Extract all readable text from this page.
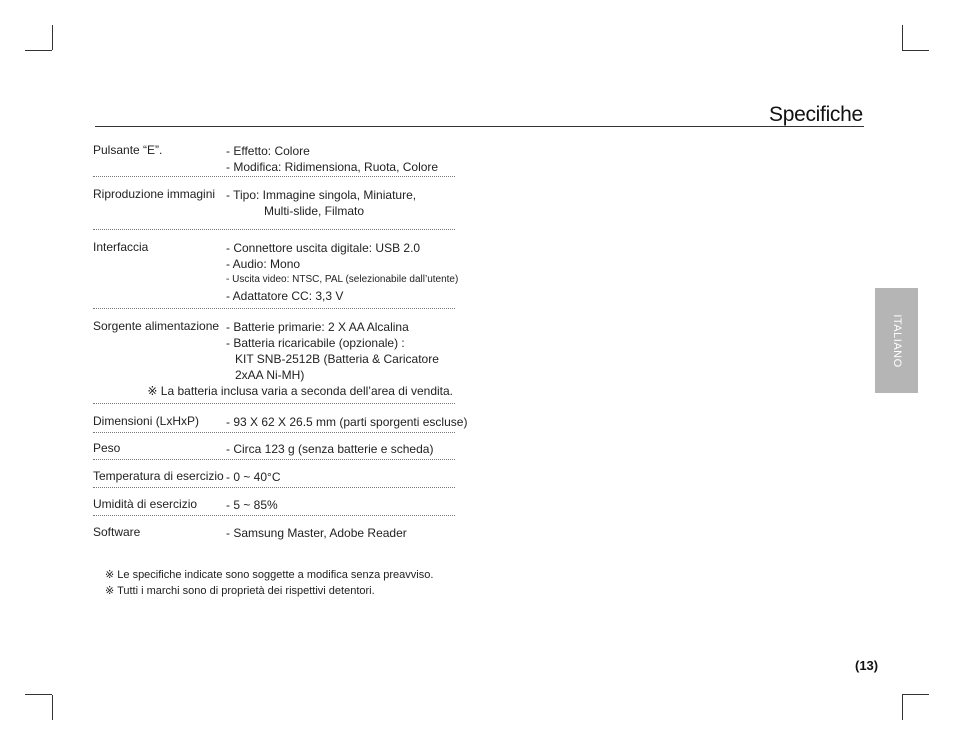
Specifiche
ITALIANO
Pulsante “E”.	- Effetto: Colore
- Modifica: Ridimensiona, Ruota, Colore
Riproduzione immagini - Tipo: Immagine singola, Miniature,
Multi-slide, Filmato
Interfaccia	- Connettore uscita digitale: USB 2.0
- Audio: Mono
- Uscita video: NTSC, PAL (selezionabile dall’utente)
- Adattatore CC: 3,3 V
Sorgente alimentazione - Batterie primarie: 2 X AA Alcalina
- Batteria ricaricabile (opzionale) :
KIT SNB-2512B (Batteria & Caricatore
2xAA Ni-MH)
※ La batteria inclusa varia a seconda dell’area di vendita.
Dimensioni (LxHxP) - 93 X 62 X 26.5 mm (parti sporgenti escluse)
Peso	- Circa 123 g (senza batterie e scheda)
Temperatura di esercizio - 0 ~ 40°C
Umidità di esercizio - 5 ~ 85%
Software	- Samsung Master, Adobe Reader
※ Le specifiche indicate sono soggette a modifica senza preavviso.
※ Tutti i marchi sono di proprietà dei rispettivi detentori.
(13)
